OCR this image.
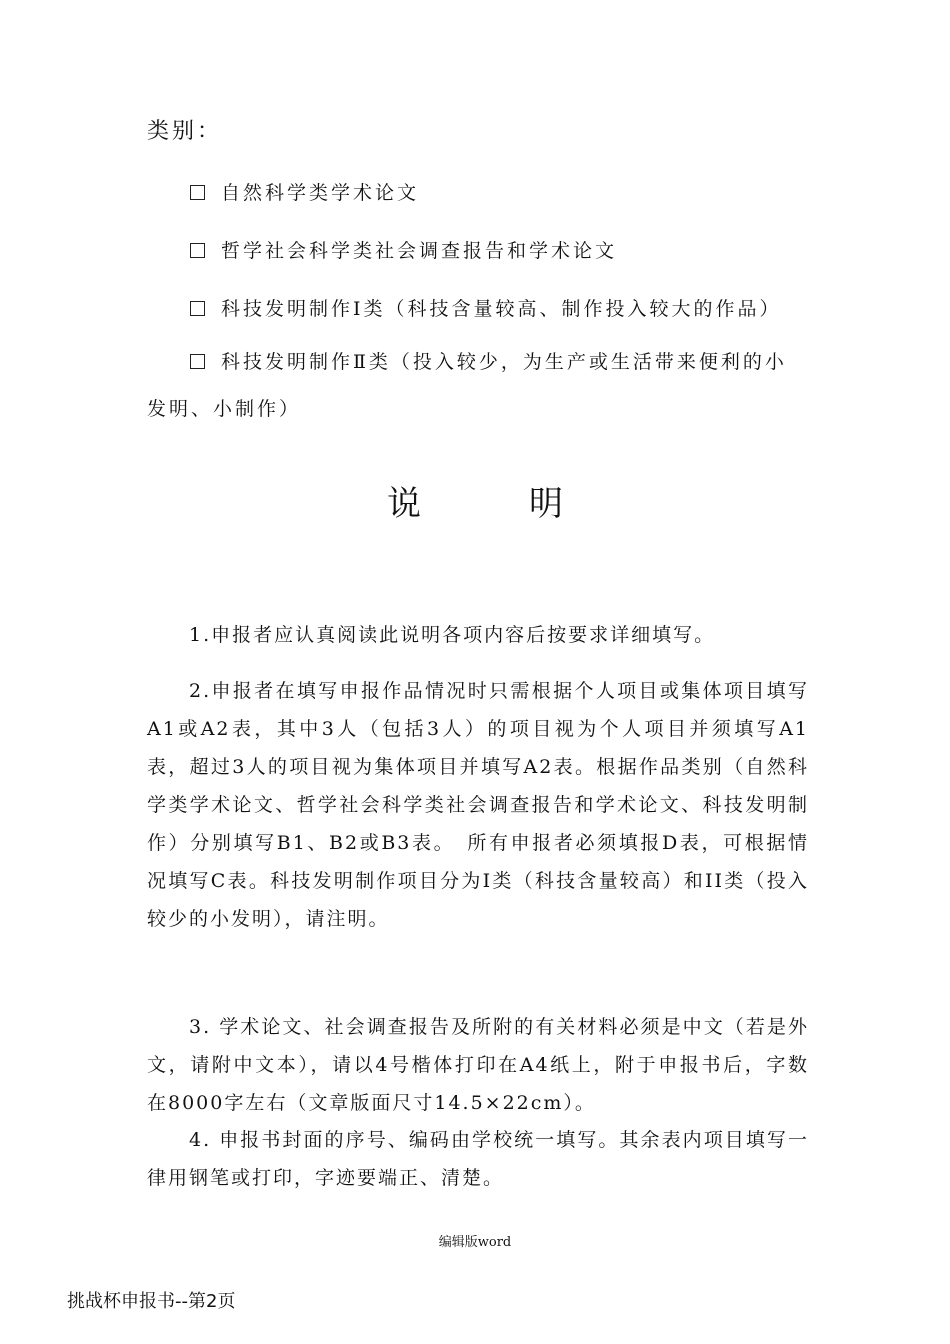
类别：
自然科学类学术论文
哲学社会科学类社会调查报告和学术论文
科技发明制作Ⅰ类（科技含量较高、制作投入较大的作品）
科技发明制作Ⅱ类（投入较少，为生产或生活带来便利的小发明、小制作）
说明
1.申报者应认真阅读此说明各项内容后按要求详细填写。
2.申报者在填写申报作品情况时只需根据个人项目或集体项目填写A1或A2表，其中3人（包括3人）的项目视为个人项目并须填写A1表，超过3人的项目视为集体项目并填写A2表。根据作品类别（自然科学类学术论文、哲学社会科学类社会调查报告和学术论文、科技发明制作）分别填写B1、B2或B3表。　所有申报者必须填报D表，可根据情况填写C表。科技发明制作项目分为I类（科技含量较高）和II类（投入较少的小发明），请注明。
3. 学术论文、社会调查报告及所附的有关材料必须是中文（若是外文，请附中文本），请以4号楷体打印在A4纸上，附于申报书后，字数在8000字左右（文章版面尺寸14.5×22cm）。
4. 申报书封面的序号、编码由学校统一填写。其余表内项目填写一律用钢笔或打印，字迹要端正、清楚。
编辑版word
挑战杯申报书--第2页
